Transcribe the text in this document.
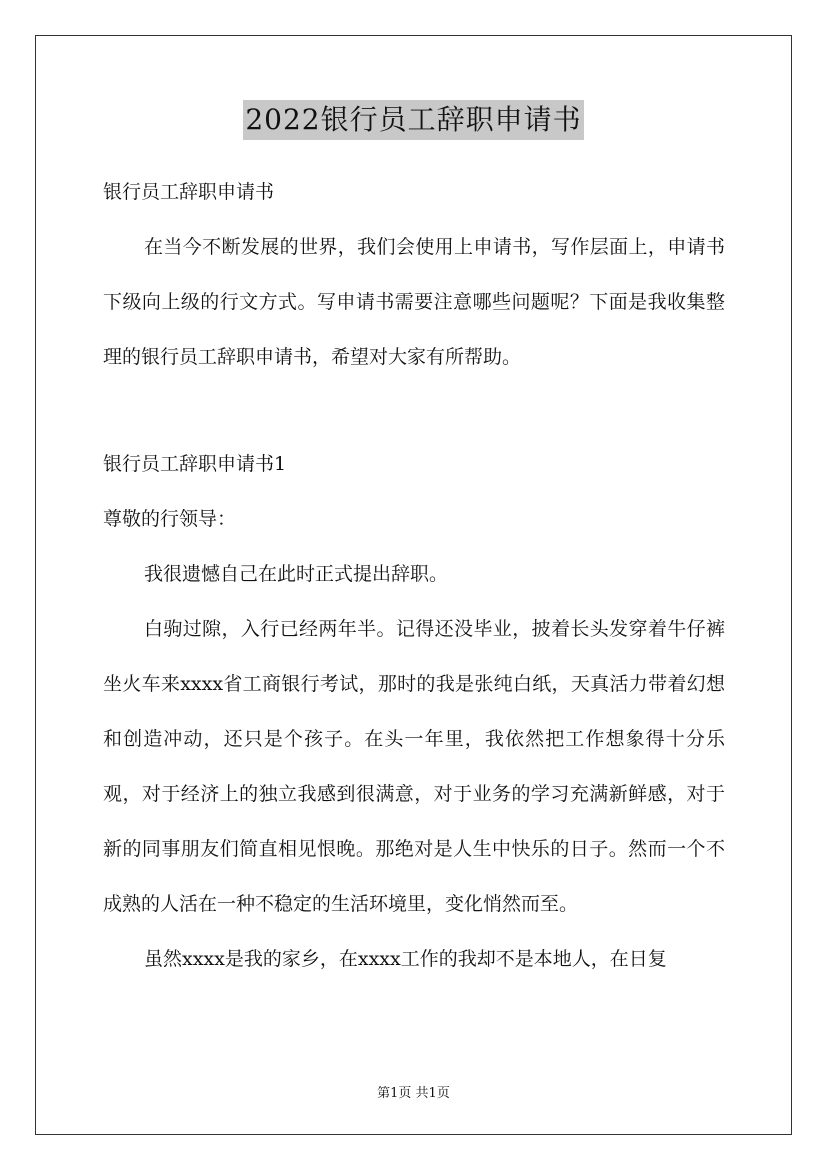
2022银行员工辞职申请书

银行员工辞职申请书

在当今不断发展的世界，我们会使用上申请书，写作层面上，申请书下级向上级的行文方式。写申请书需要注意哪些问题呢？下面是我收集整理的银行员工辞职申请书，希望对大家有所帮助。

银行员工辞职申请书1

尊敬的行领导：

我很遗憾自己在此时正式提出辞职。

白驹过隙，入行已经两年半。记得还没毕业，披着长头发穿着牛仔裤坐火车来xxxx省工商银行考试，那时的我是张纯白纸，天真活力带着幻想和创造冲动，还只是个孩子。在头一年里，我依然把工作想象得十分乐观，对于经济上的独立我感到很满意，对于业务的学习充满新鲜感，对于新的同事朋友们简直相见恨晚。那绝对是人生中快乐的日子。然而一个不成熟的人活在一种不稳定的生活环境里，变化悄然而至。

虽然xxxx是我的家乡，在xxxx工作的我却不是本地人，在日复

第1页 共1页
